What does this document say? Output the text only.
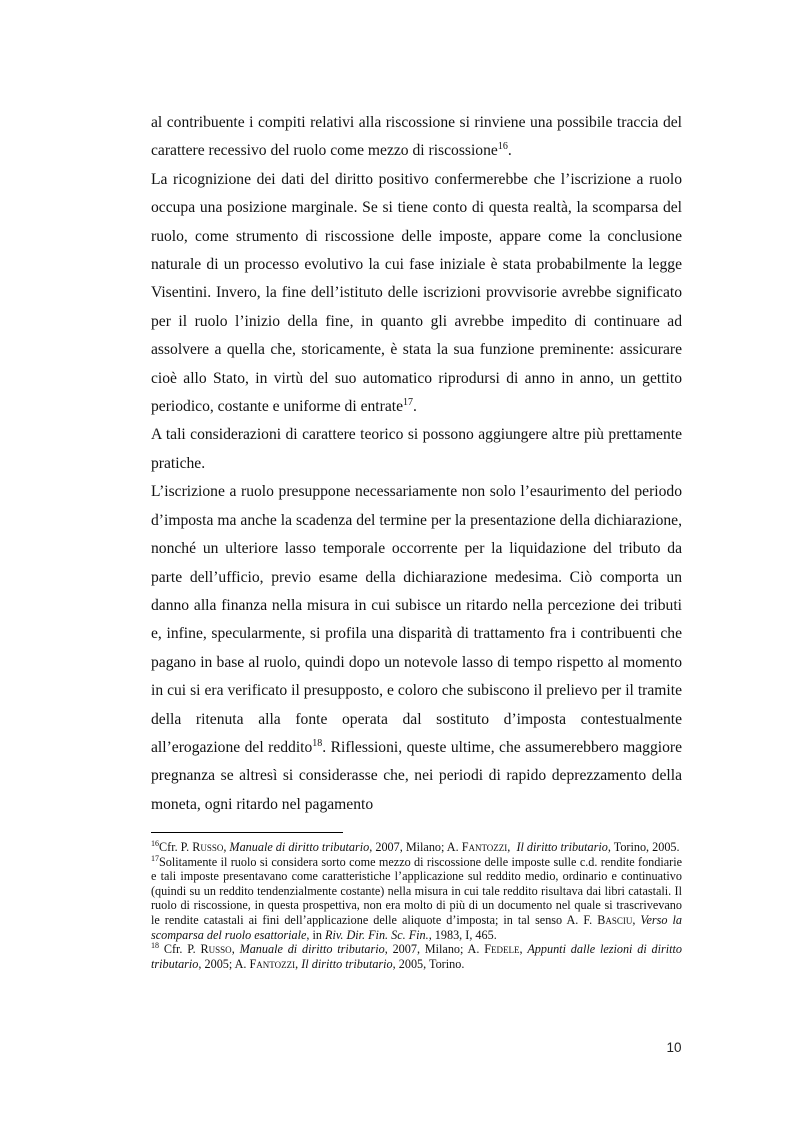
al contribuente i compiti relativi alla riscossione si rinviene una possibile traccia del carattere recessivo del ruolo come mezzo di riscossione$^{16}$.

La ricognizione dei dati del diritto positivo confermerebbe che l’iscrizione a ruolo occupa una posizione marginale. Se si tiene conto di questa realtà, la scomparsa del ruolo, come strumento di riscossione delle imposte, appare come la conclusione naturale di un processo evolutivo la cui fase iniziale è stata probabilmente la legge Visentini. Invero, la fine dell’istituto delle iscrizioni provvisorie avrebbe significato per il ruolo l’inizio della fine, in quanto gli avrebbe impedito di continuare ad assolvere a quella che, storicamente, è stata la sua funzione preminente: assicurare cioè allo Stato, in virtù del suo automatico riprodursi di anno in anno, un gettito periodico, costante e uniforme di entrate$^{17}$.

A tali considerazioni di carattere teorico si possono aggiungere altre più prettamente pratiche.

L’iscrizione a ruolo presuppone necessariamente non solo l’esaurimento del periodo d’imposta ma anche la scadenza del termine per la presentazione della dichiarazione, nonché un ulteriore lasso temporale occorrente per la liquidazione del tributo da parte dell’ufficio, previo esame della dichiarazione medesima. Ciò comporta un danno alla finanza nella misura in cui subisce un ritardo nella percezione dei tributi e, infine, specularmente, si profila una disparità di trattamento fra i contribuenti che pagano in base al ruolo, quindi dopo un notevole lasso di tempo rispetto al momento in cui si era verificato il presupposto, e coloro che subiscono il prelievo per il tramite della ritenuta alla fonte operata dal sostituto d’imposta contestualmente all’erogazione del reddito$^{18}$. Riflessioni, queste ultime, che assumerebbero maggiore pregnanza se altresì si considerasse che, nei periodi di rapido deprezzamento della moneta, ogni ritardo nel pagamento

$^{16}$Cfr. P. Russo, Manuale di diritto tributario, 2007, Milano; A. Fantozzi,  Il diritto tributario, Torino, 2005.

$^{17}$Solitamente il ruolo si considera sorto come mezzo di riscossione delle imposte sulle c.d. rendite fondiarie e tali imposte presentavano come caratteristiche l’applicazione sul reddito medio, ordinario e continuativo (quindi su un reddito tendenzialmente costante) nella misura in cui tale reddito risultava dai libri catastali. Il ruolo di riscossione, in questa prospettiva, non era molto di più di un documento nel quale si trascrivevano le rendite catastali ai fini dell’applicazione delle aliquote d’imposta; in tal senso A. F. Basciu, Verso la scomparsa del ruolo esattoriale, in Riv. Dir. Fin. Sc. Fin., 1983, I, 465.

$^{18}$ Cfr. P. Russo, Manuale di diritto tributario, 2007, Milano; A. Fedele, Appunti dalle lezioni di diritto tributario, 2005; A. Fantozzi, Il diritto tributario, 2005, Torino.

10
